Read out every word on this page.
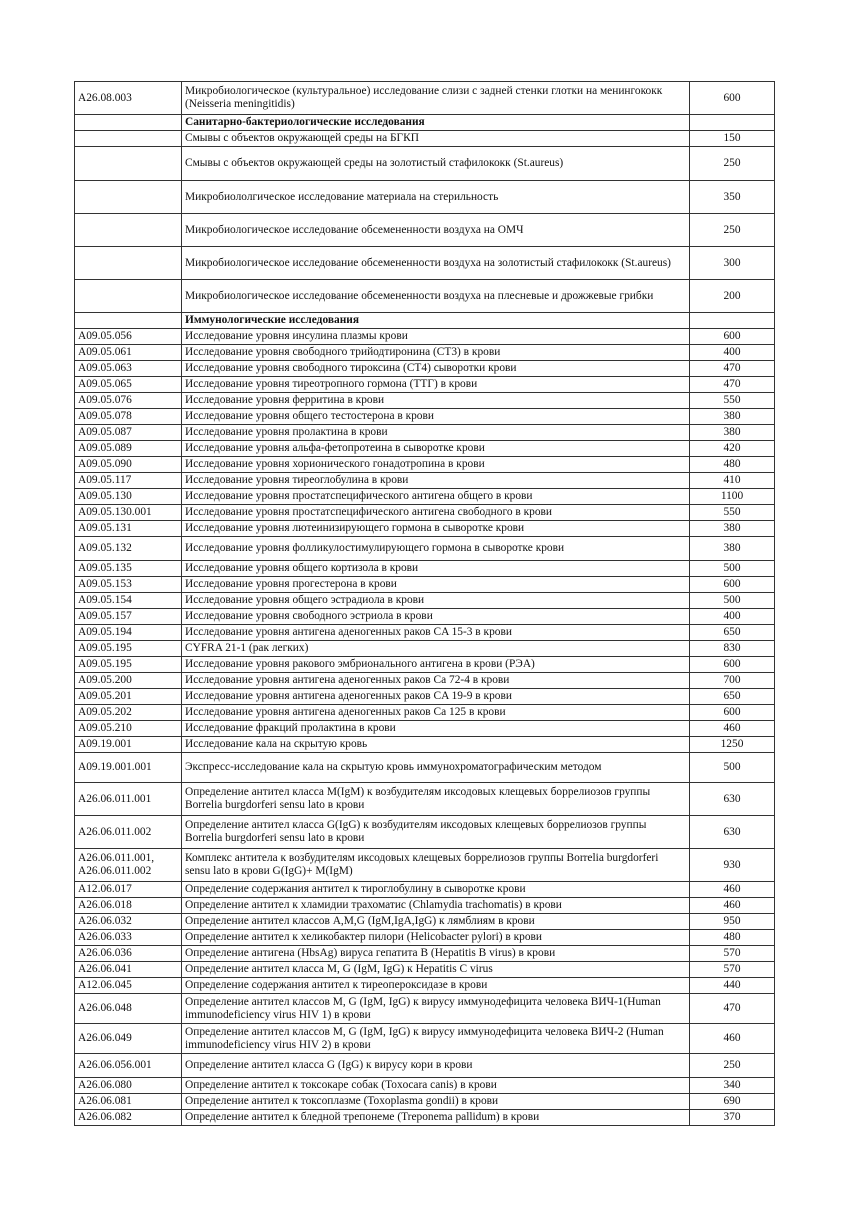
A26.08.003	Микробиологическое (культуральное) исследование слизи с задней стенки глотки на менингококк (Neisseria meningitidis)	600
	Санитарно-бактериологические исследования	
	Смывы с объектов окружающей среды на БГКП	150
	Смывы с объектов окружающей среды на золотистый стафилококк (St.aureus)	250
	Микробиололгическое исследование материала на стерильность	350
	Микробиологическое исследование обсемененности воздуха на ОМЧ	250
	Микробиологическое исследование обсемененности воздуха на золотистый стафилококк (St.aureus)	300
	Микробиологическое исследование обсемененности воздуха на плесневые и дрожжевые грибки	200
	Иммунологические исследования	
A09.05.056	Исследование уровня инсулина плазмы крови	600
A09.05.061	Исследование уровня свободного трийодтиронина (СТ3) в крови	400
A09.05.063	Исследование уровня свободного тироксина (СТ4) сыворотки крови	470
A09.05.065	Исследование уровня тиреотропного гормона (ТТГ) в крови	470
A09.05.076	Исследование уровня ферритина в крови	550
A09.05.078	Исследование уровня общего тестостерона в крови	380
A09.05.087	Исследование уровня пролактина в крови	380
A09.05.089	Исследование уровня альфа-фетопротеина в сыворотке крови	420
A09.05.090	Исследование уровня хорионического гонадотропина в крови	480
A09.05.117	Исследование уровня тиреоглобулина в крови	410
A09.05.130	Исследование уровня простатспецифического антигена общего в крови	1100
A09.05.130.001	Исследование уровня простатспецифического антигена свободного в крови	550
A09.05.131	Исследование уровня лютеинизирующего гормона в сыворотке крови	380
A09.05.132	Исследование уровня фолликулостимулирующего гормона в сыворотке крови	380
A09.05.135	Исследование уровня общего кортизола в крови	500
A09.05.153	Исследование уровня прогестерона в крови	600
A09.05.154	Исследование уровня общего эстрадиола в крови	500
A09.05.157	Исследование уровня свободного эстриола в крови	400
A09.05.194	Исследование уровня антигена аденогенных раков CA 15-3 в крови	650
A09.05.195	CYFRA 21-1 (рак легких)	830
A09.05.195	Исследование уровня ракового эмбрионального антигена в крови (РЭА)	600
A09.05.200	Исследование уровня антигена аденогенных раков Ca 72-4 в крови	700
A09.05.201	Исследование уровня антигена аденогенных раков CA 19-9 в крови	650
A09.05.202	Исследование уровня антигена аденогенных раков Ca 125 в крови	600
A09.05.210	Исследование фракций пролактина в крови	460
A09.19.001	Исследование кала на скрытую кровь	1250
A09.19.001.001	Экспресс-исследование кала на скрытую кровь иммунохроматографическим методом	500
A26.06.011.001	Определение антител класса M(IgM) к возбудителям иксодовых клещевых боррелиозов группы Borrelia burgdorferi sensu lato в крови	630
A26.06.011.002	Определение антител класса G(IgG) к возбудителям иксодовых клещевых боррелиозов группы Borrelia burgdorferi sensu lato в крови	630
A26.06.011.001, A26.06.011.002	Комплекс антитела к возбудителям иксодовых клещевых боррелиозов группы Borrelia burgdorferi sensu lato в крови G(IgG)+ M(IgM)	930
A12.06.017	Определение содержания антител к тироглобулину в сыворотке крови	460
A26.06.018	Определение антител к хламидии трахоматис (Chlamydia trachomatis) в крови	460
A26.06.032	Определение антител классов A,M,G (IgM,IgA,IgG) к лямблиям в крови	950
A26.06.033	Определение антител к хеликобактер пилори (Helicobacter pylori) в крови	480
A26.06.036	Определение антигена (HbsAg) вируса гепатита B (Hepatitis B virus) в крови	570
A26.06.041	Определение антител класса M, G (IgM, IgG) к Hepatitis C virus	570
A12.06.045	Определение содержания антител к тиреопероксидазе в крови	440
A26.06.048	Определение антител классов M, G (IgM, IgG) к вирусу иммунодефицита человека ВИЧ-1(Human immunodeficiency virus HIV 1) в крови	470
A26.06.049	Определение антител классов M, G (IgM, IgG) к вирусу иммунодефицита человека ВИЧ-2 (Human immunodeficiency virus HIV 2) в крови	460
A26.06.056.001	Определение антител класса G (IgG) к вирусу кори в крови	250
A26.06.080	Определение антител к токсокаре собак (Toxocara canis) в крови	340
A26.06.081	Определение антител к токсоплазме (Toxoplasma gondii) в крови	690
A26.06.082	Определение антител к бледной трепонеме (Treponema pallidum) в крови	370
